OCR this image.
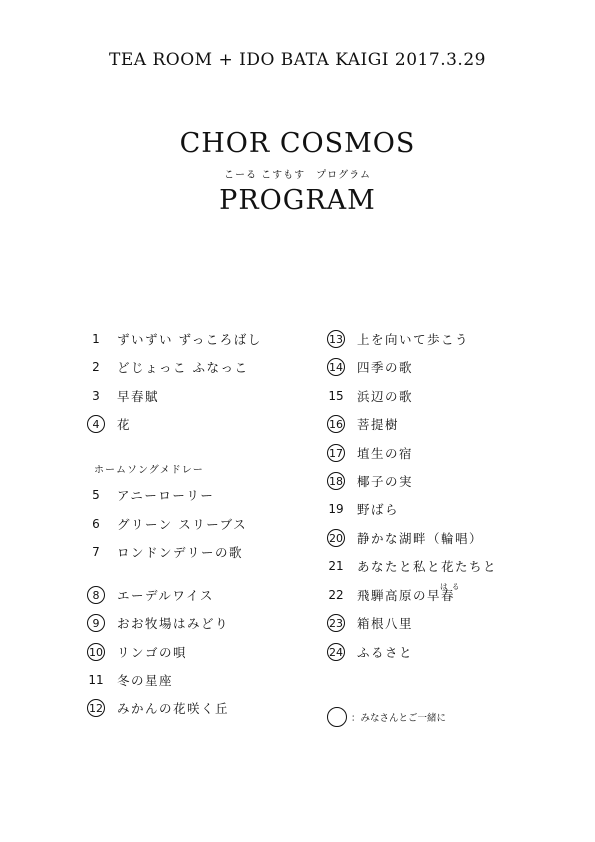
TEA ROOM + IDO BATA KAIGI 2017.3.29
CHOR COSMOS
こーる こすもす　プログラム
PROGRAM
1	ずいずい ずっころばし
2	どじょっこ ふなっこ
3	早春賦
4	花
5	アニーローリー
6	グリーン スリーブス
7	ロンドンデリーの歌
8	エーデルワイス
9	おお牧場はみどり
10 リンゴの唄
11 冬の星座
12 みかんの花咲く丘
ホームソングメドレー
13 上を向いて歩こう
14 四季の歌
15 浜辺の歌
16 菩提樹
17 埴生の宿
18 椰子の実
19 野ばら
20 静かな湖畔（輪唱）
21 あなたと私と花たちと
22 飛騨高原の早春
23 箱根八里
24 ふるさと
は る
：みなさんとご一緒に
